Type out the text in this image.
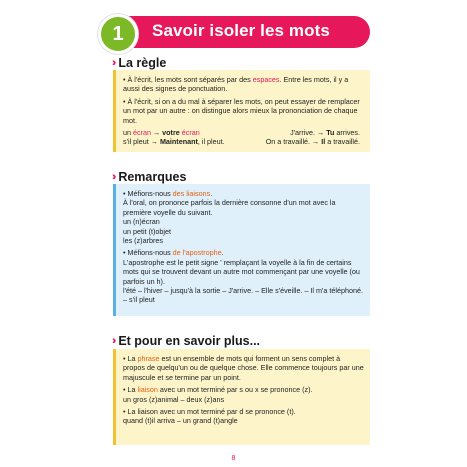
1	Savoir isoler les mots
›› La règle

• À l'écrit, les mots sont séparés par des espaces. Entre les mots, il y a aussi des signes de ponctuation.

• À l'écrit, si on a du mal à séparer les mots, on peut essayer de remplacer un mot par un autre : on distingue alors mieux la prononciation de chaque mot.

un écran → votre écran	J'arrive. → Tu arrives.
s'il pleut → Maintenant, il pleut.	On a travaillé. → Il a travaillé.
›› Remarques

• Méfions-nous des liaisons.

À l'oral, on prononce parfois la dernière consonne d'un mot avec la première voyelle du suivant.

un (n)écran

un petit (t)objet

les (z)arbres

• Méfions-nous de l'apostrophe.

L'apostrophe est le petit signe ' remplaçant la voyelle à la fin de certains mots qui se trouvent devant un autre mot commençant par une voyelle (ou parfois un h).

l'été – l'hiver – jusqu'à la sortie – J'arrive. – Elle s'éveille. – Il m'a téléphoné. – s'il pleut

›› Et pour en savoir plus...

• La phrase est un ensemble de mots qui forment un sens complet à propos de quelqu'un ou de quelque chose. Elle commence toujours par une majuscule et se termine par un point.

• La liaison avec un mot terminé par s ou x se prononce (z).

un gros (z)animal – deux (z)ans

• La liaison avec un mot terminé par d se prononce (t).

quand (t)il arriva – un grand (t)angle

8
